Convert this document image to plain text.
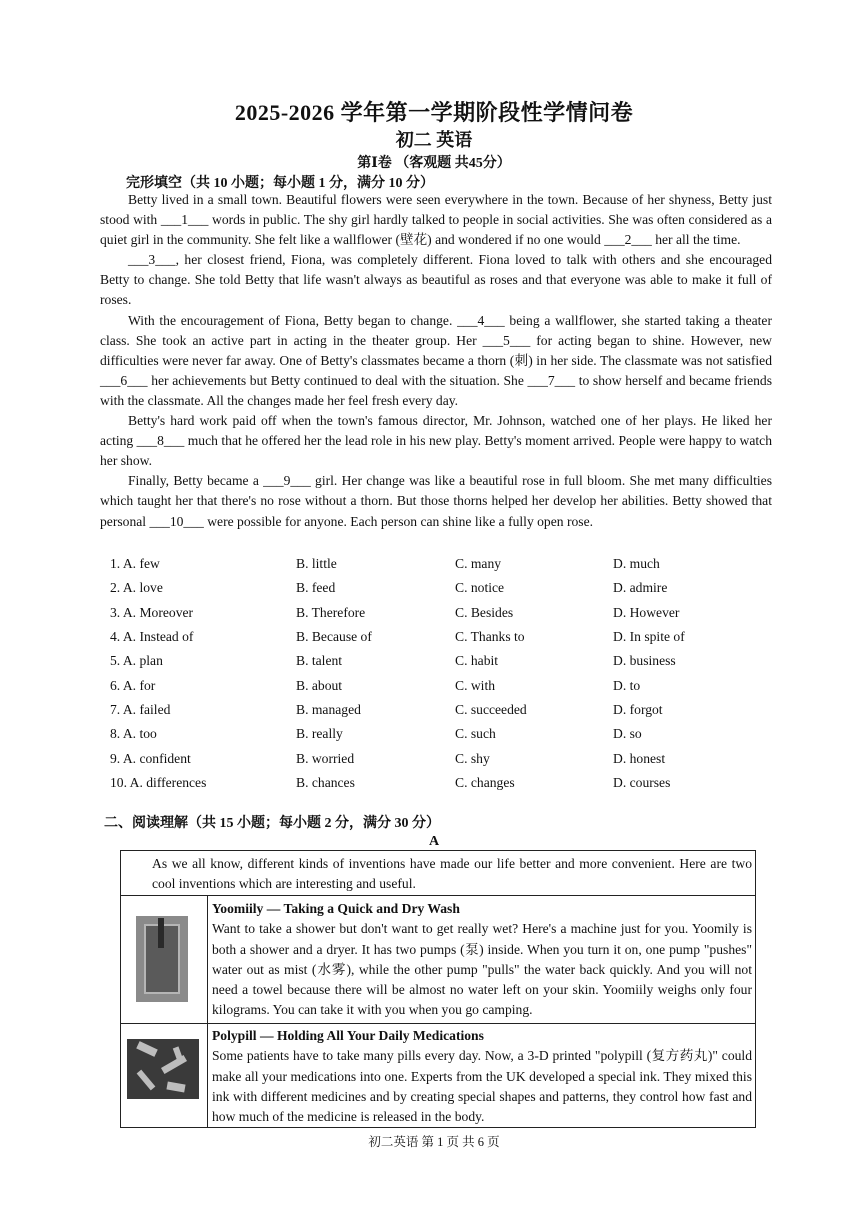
2025-2026 学年第一学期阶段性学情问卷
初二 英语
第Ⅰ卷 （客观题 共45分）
完形填空（共 10 小题；每小题 1 分，满分 10 分）

Betty lived in a small town. Beautiful flowers were seen everywhere in the town. Because of her shyness, Betty just stood with ___1___ words in public. The shy girl hardly talked to people in social activities. She was often considered as a quiet girl in the community. She felt like a wallflower (壁花) and wondered if no one would ___2___ her all the time.

___3___, her closest friend, Fiona, was completely different. Fiona loved to talk with others and she encouraged Betty to change. She told Betty that life wasn't always as beautiful as roses and that everyone was able to make it full of roses.

With the encouragement of Fiona, Betty began to change. ___4___ being a wallflower, she started taking a theater class. She took an active part in acting in the theater group. Her ___5___ for acting began to shine. However, new difficulties were never far away. One of Betty's classmates became a thorn (刺) in her side. The classmate was not satisfied ___6___ her achievements but Betty continued to deal with the situation. She ___7___ to show herself and became friends with the classmate. All the changes made her feel fresh every day.

Betty's hard work paid off when the town's famous director, Mr. Johnson, watched one of her plays. He liked her acting ___8___ much that he offered her the lead role in his new play. Betty's moment arrived. People were happy to watch her show.

Finally, Betty became a ___9___ girl. Her change was like a beautiful rose in full bloom. She met many difficulties which taught her that there's no rose without a thorn. But those thorns helped her develop her abilities. Betty showed that personal ___10___ were possible for anyone. Each person can shine like a fully open rose.

1. A. few	B. little	C. many	D. much
2. A. love	B. feed	C. notice	D. admire
3. A. Moreover	B. Therefore	C. Besides	D. However
4. A. Instead of	B. Because of	C. Thanks to	D. In spite of
5. A. plan	B. talent	C. habit	D. business
6. A. for	B. about	C. with	D. to
7. A. failed	B. managed	C. succeeded	D. forgot
8. A. too	B. really	C. such	D. so
9. A. confident	B. worried	C. shy	D. honest
10. A. differences	B. chances	C. changes	D. courses
二、阅读理解（共 15 小题；每小题 2 分，满分 30 分）
A
As we all know, different kinds of inventions have made our life better and more convenient. Here are two cool inventions which are interesting and useful.
Yoomiily — Taking a Quick and Dry Wash
Want to take a shower but don't want to get really wet? Here's a machine just for you. Yoomily is both a shower and a dryer. It has two pumps (泵) inside. When you turn it on, one pump "pushes" water out as mist (水雾), while the other pump "pulls" the water back quickly. And you will not need a towel because there will be almost no water left on your skin. Yoomiily weighs only four kilograms. You can take it with you when you go camping.
Polypill — Holding All Your Daily Medications
Some patients have to take many pills every day. Now, a 3-D printed "polypill (复方药丸)" could make all your medications into one. Experts from the UK developed a special ink. They mixed this ink with different medicines and by creating special shapes and patterns, they control how fast and how much of the medicine is released in the body.
初二英语 第 1 页 共 6 页
